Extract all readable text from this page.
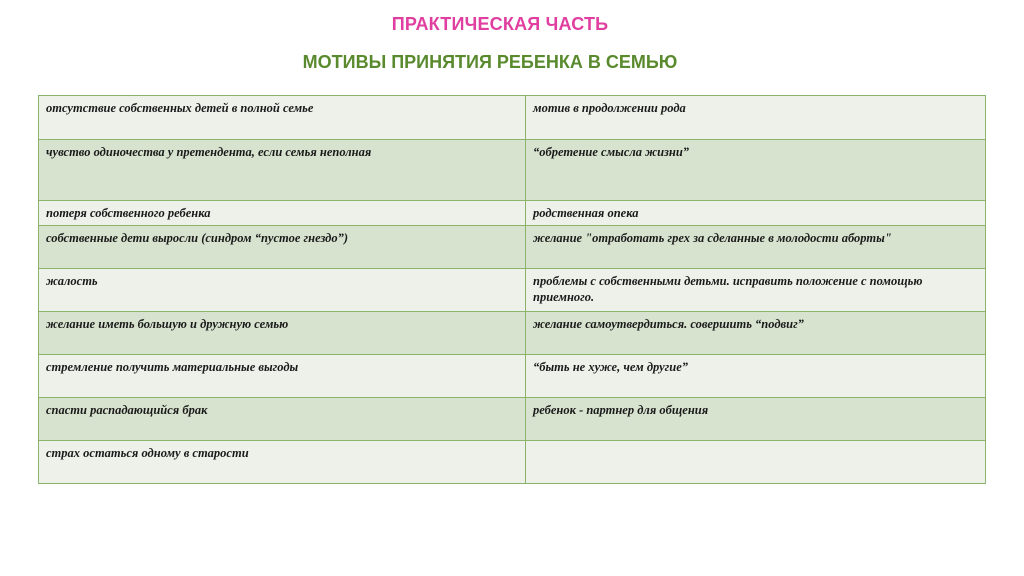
ПРАКТИЧЕСКАЯ ЧАСТЬ
МОТИВЫ ПРИНЯТИЯ РЕБЕНКА В СЕМЬЮ
отсутствие собственных детей в полной семье	мотив в продолжении рода
чувство одиночества у претендента, если семья неполная	“обретение смысла жизни”
потеря собственного ребенка	родственная опека
собственные дети выросли (синдром “пустое гнездо”)	желание "отработать грех за сделанные в молодости аборты"
жалость	проблемы с собственными детьми. исправить положение с помощью приемного.
желание иметь большую и дружную семью	желание самоутвердиться. совершить “подвиг”
стремление получить материальные выгоды	“быть не хуже, чем другие”
спасти распадающийся брак	ребенок - партнер для общения
страх остаться одному в старости	
